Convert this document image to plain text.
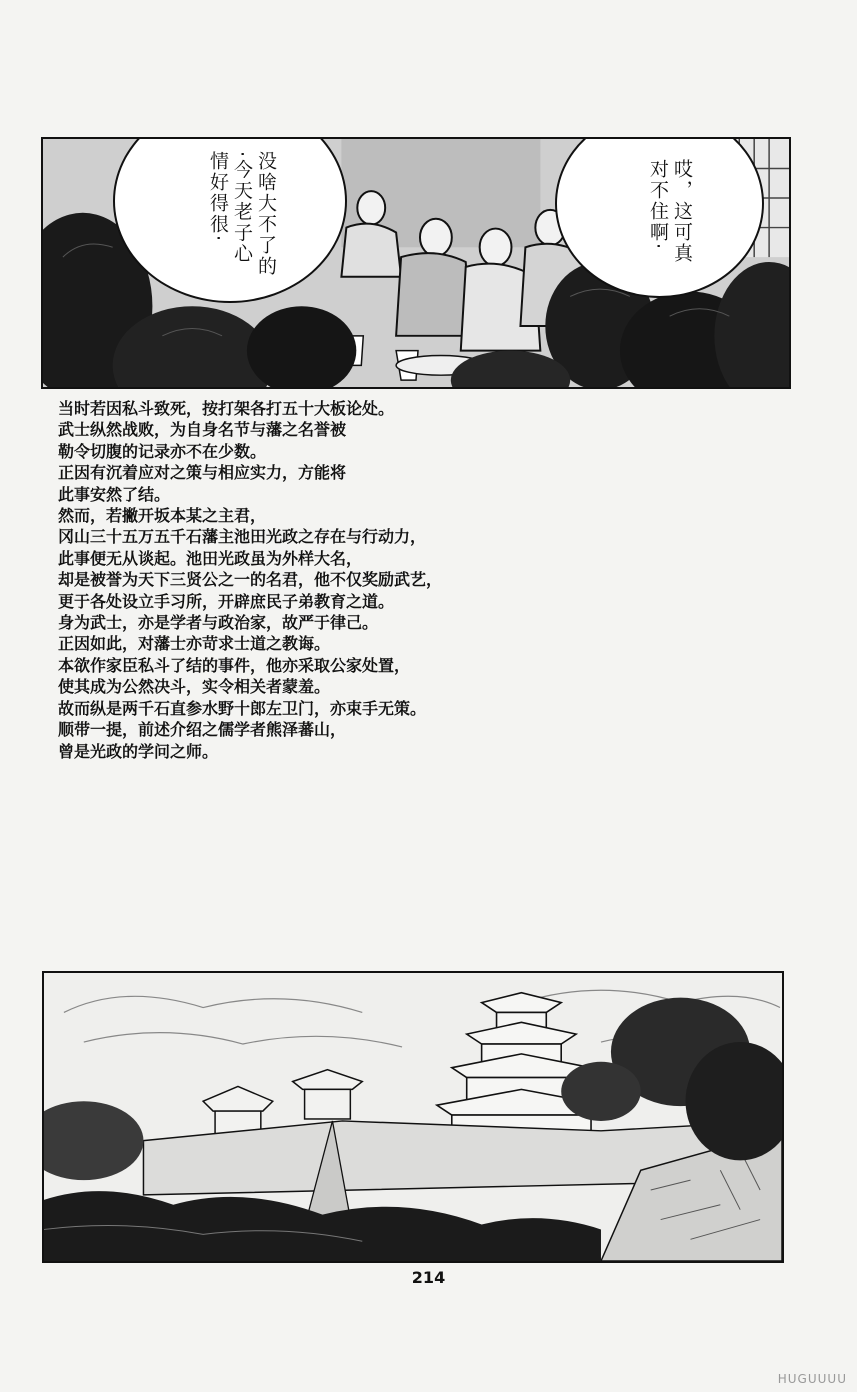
没啥大不了的
·今天老子心
情好得很·	哎，这可真
对不住啊·
当时若因私斗致死，按打架各打五十大板论处。
武士纵然战败，为自身名节与藩之名誉被
勒令切腹的记录亦不在少数。
正因有沉着应对之策与相应实力，方能将
此事安然了结。
然而，若撇开坂本某之主君，
冈山三十五万五千石藩主池田光政之存在与行动力，
此事便无从谈起。池田光政虽为外样大名，
却是被誉为天下三贤公之一的名君，他不仅奖励武艺，
更于各处设立手习所，开辟庶民子弟教育之道。
身为武士，亦是学者与政治家，故严于律己。
正因如此，对藩士亦苛求士道之教诲。
本欲作家臣私斗了结的事件，他亦采取公家处置，
使其成为公然决斗，实令相关者蒙羞。
故而纵是两千石直参水野十郎左卫门，亦束手无策。
顺带一提，前述介绍之儒学者熊泽蕃山，
曾是光政的学问之师。
214
HUGUUUU
